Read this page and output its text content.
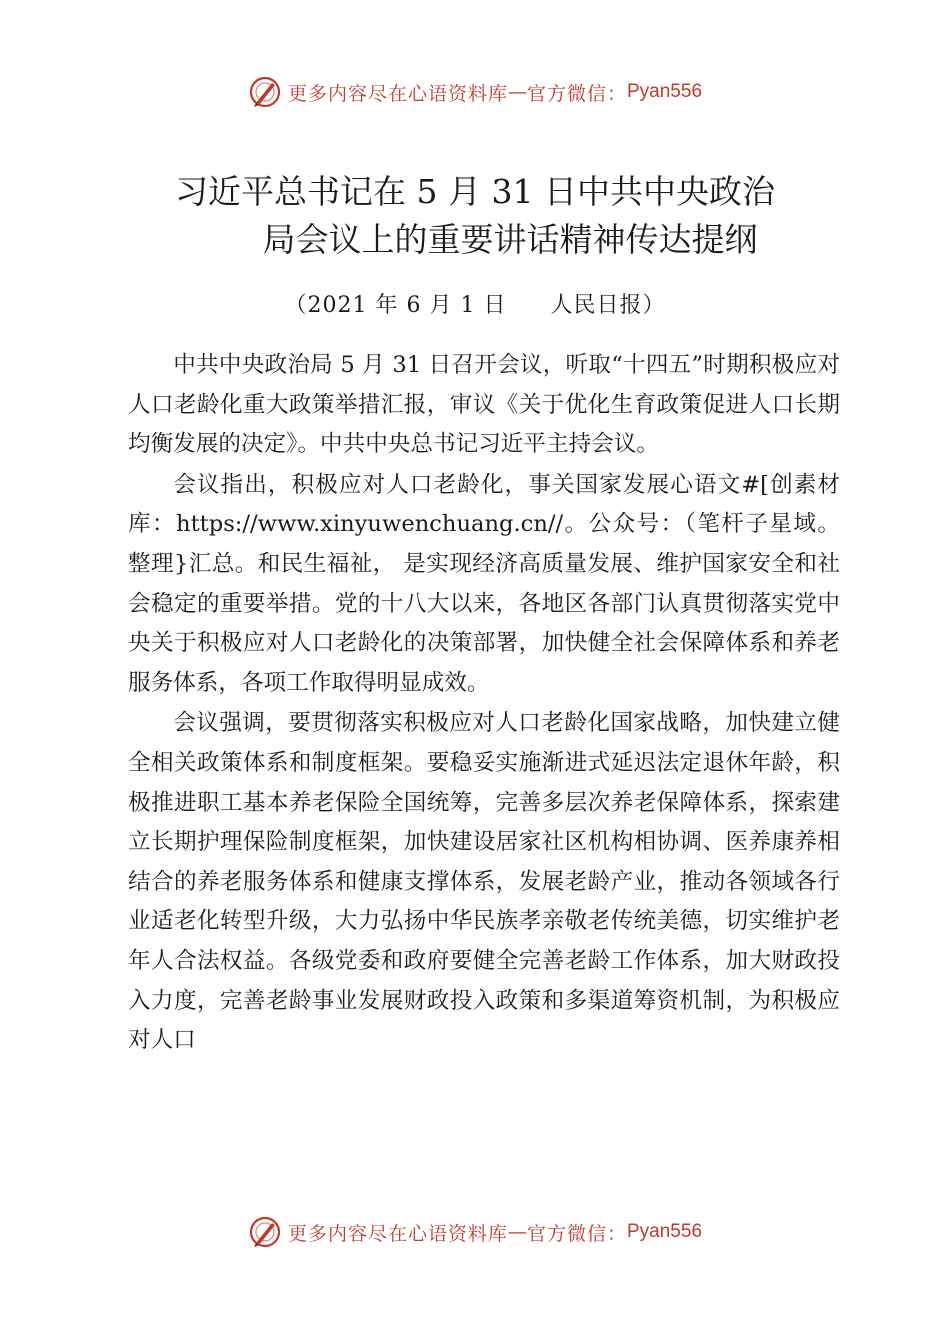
更多内容尽在心语资料库 — 官方微信： Pyan556
习近平总书记在 5 月 31 日中共中央政治
局会议上的重要讲话精神传达提纲
（2021 年 6 月 1 日 人民日报）

中共中央政治局 5 月 31 日召开会议，听取“十四五”时期积极应对人口老龄化重大政策举措汇报，审议《关于优化生育政策促进人口长期均衡发展的决定》。中共中央总书记习近平主持会议。

会议指出，积极应对人口老龄化，事关国家发展心语文#[创素材库：https://www.xinyuwenchuang.cn//。公众号：（笔杆子星域。整理}汇总。和民生福祉， 是实现经济高质量发展、维护国家安全和社会稳定的重要举措。党的十八大以来，各地区各部门认真贯彻落实党中央关于积极应对人口老龄化的决策部署，加快健全社会保障体系和养老服务体系，各项工作取得明显成效。

会议强调，要贯彻落实积极应对人口老龄化国家战略，加快建立健全相关政策体系和制度框架。要稳妥实施渐进式延迟法定退休年龄，积极推进职工基本养老保险全国统筹，完善多层次养老保障体系，探索建立长期护理保险制度框架，加快建设居家社区机构相协调、医养康养相结合的养老服务体系和健康支撑体系，发展老龄产业，推动各领域各行业适老化转型升级，大力弘扬中华民族孝亲敬老传统美德，切实维护老年人合法权益。各级党委和政府要健全完善老龄工作体系，加大财政投入力度，完善老龄事业发展财政投入政策和多渠道筹资机制，为积极应对人口

更多内容尽在心语资料库 — 官方微信： Pyan556
